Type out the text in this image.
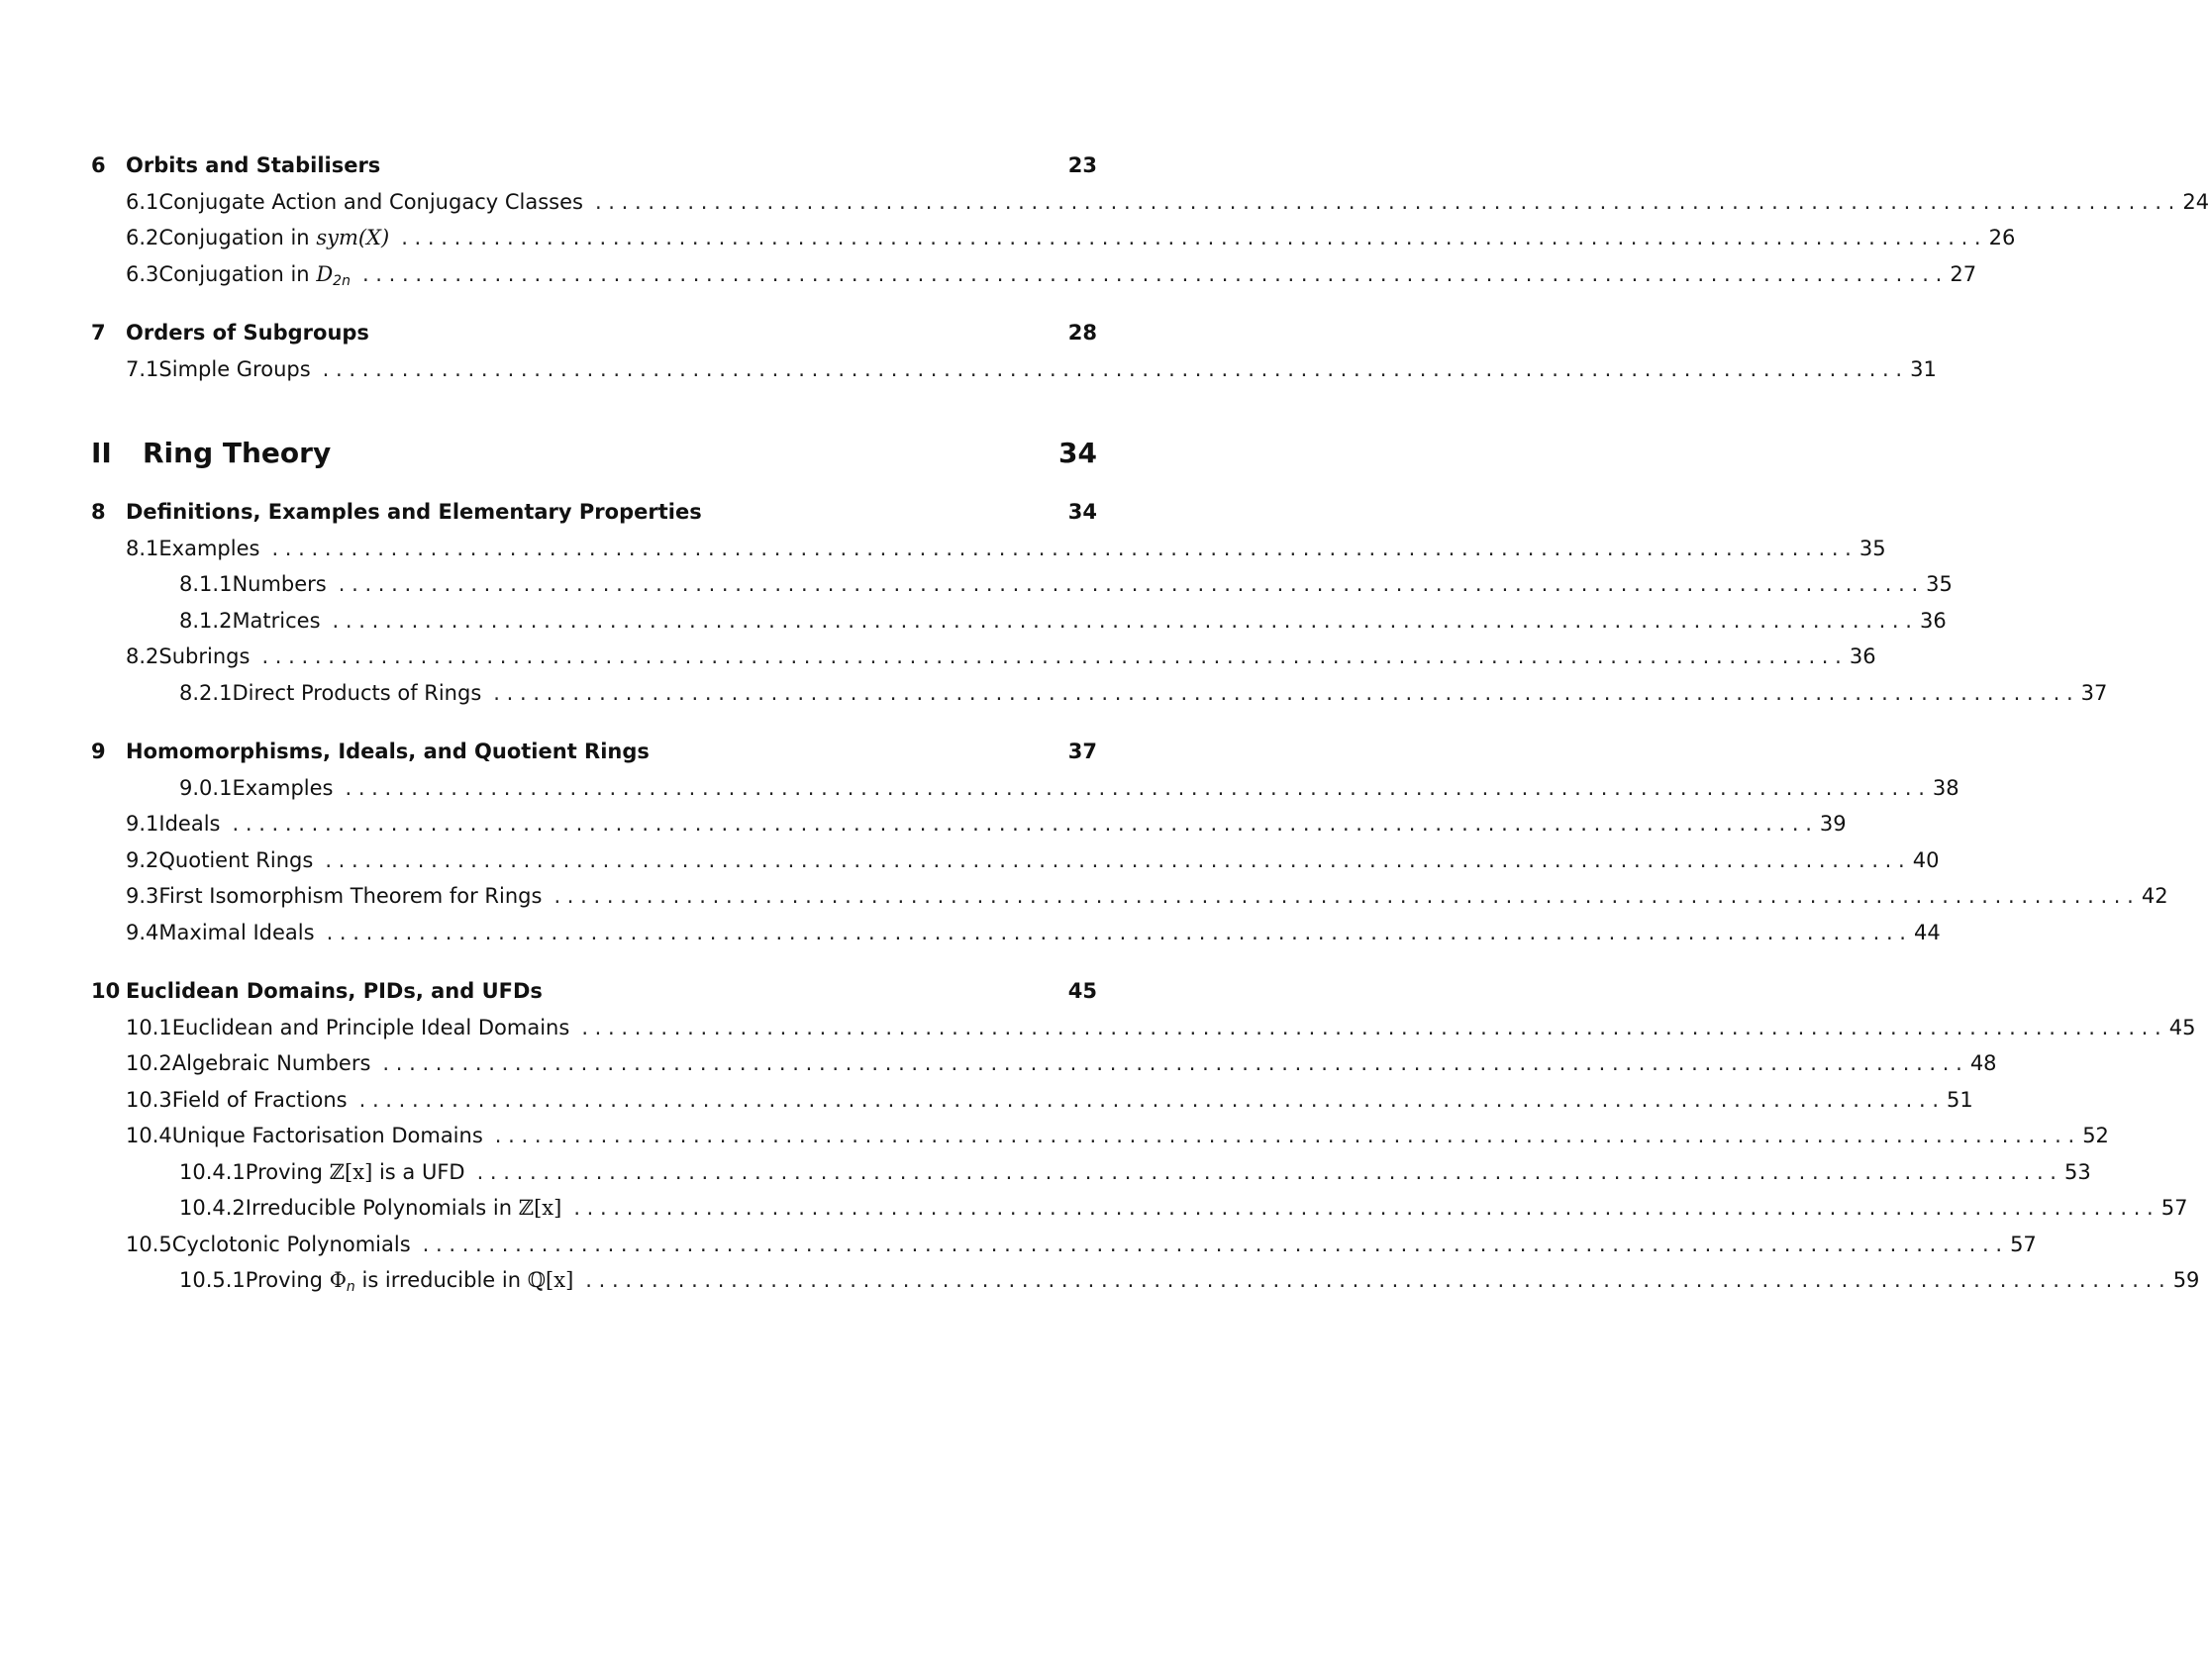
6 Orbits and Stabilisers	23
6.1 Conjugate Action and Conjugacy Classes . . . . . . . . . . . . . . . . . . . . . . . . . . . . . . . . . . . . . . . . . . . . . . . . . . . . . . . . . . . . . . . . . . . . . . . . . . . . . . . . . . . . . . . . . . . . . . . . . . . . . . . . . . . . . . . . . . . . . . . . 24
6.2 Conjugation in sym(X) . . . . . . . . . . . . . . . . . . . . . . . . . . . . . . . . . . . . . . . . . . . . . . . . . . . . . . . . . . . . . . . . . . . . . . . . . . . . . . . . . . . . . . . . . . . . . . . . . . . . . . . . . . . . . . . . . . . . . . . . 26
6.3 Conjugation in $D_{2n}$ . . . . . . . . . . . . . . . . . . . . . . . . . . . . . . . . . . . . . . . . . . . . . . . . . . . . . . . . . . . . . . . . . . . . . . . . . . . . . . . . . . . . . . . . . . . . . . . . . . . . . . . . . . . . . . . . . . . . . . . . 27
7 Orders of Subgroups	28
7.1 Simple Groups . . . . . . . . . . . . . . . . . . . . . . . . . . . . . . . . . . . . . . . . . . . . . . . . . . . . . . . . . . . . . . . . . . . . . . . . . . . . . . . . . . . . . . . . . . . . . . . . . . . . . . . . . . . . . . . . . . . . . . . . 31
II	Ring Theory	34
8 Definitions, Examples and Elementary Properties	34
8.1 Examples . . . . . . . . . . . . . . . . . . . . . . . . . . . . . . . . . . . . . . . . . . . . . . . . . . . . . . . . . . . . . . . . . . . . . . . . . . . . . . . . . . . . . . . . . . . . . . . . . . . . . . . . . . . . . . . . . . . . . . . . 35
8.1.1 Numbers . . . . . . . . . . . . . . . . . . . . . . . . . . . . . . . . . . . . . . . . . . . . . . . . . . . . . . . . . . . . . . . . . . . . . . . . . . . . . . . . . . . . . . . . . . . . . . . . . . . . . . . . . . . . . . . . . . . . . . . . 35
8.1.2 Matrices . . . . . . . . . . . . . . . . . . . . . . . . . . . . . . . . . . . . . . . . . . . . . . . . . . . . . . . . . . . . . . . . . . . . . . . . . . . . . . . . . . . . . . . . . . . . . . . . . . . . . . . . . . . . . . . . . . . . . . . . 36
8.2 Subrings . . . . . . . . . . . . . . . . . . . . . . . . . . . . . . . . . . . . . . . . . . . . . . . . . . . . . . . . . . . . . . . . . . . . . . . . . . . . . . . . . . . . . . . . . . . . . . . . . . . . . . . . . . . . . . . . . . . . . . . . 36
8.2.1 Direct Products of Rings . . . . . . . . . . . . . . . . . . . . . . . . . . . . . . . . . . . . . . . . . . . . . . . . . . . . . . . . . . . . . . . . . . . . . . . . . . . . . . . . . . . . . . . . . . . . . . . . . . . . . . . . . . . . . . . . . . . . . . . . 37
9 Homomorphisms, Ideals, and Quotient Rings	37
9.0.1 Examples . . . . . . . . . . . . . . . . . . . . . . . . . . . . . . . . . . . . . . . . . . . . . . . . . . . . . . . . . . . . . . . . . . . . . . . . . . . . . . . . . . . . . . . . . . . . . . . . . . . . . . . . . . . . . . . . . . . . . . . . 38
9.1 Ideals . . . . . . . . . . . . . . . . . . . . . . . . . . . . . . . . . . . . . . . . . . . . . . . . . . . . . . . . . . . . . . . . . . . . . . . . . . . . . . . . . . . . . . . . . . . . . . . . . . . . . . . . . . . . . . . . . . . . . . . . 39
9.2 Quotient Rings . . . . . . . . . . . . . . . . . . . . . . . . . . . . . . . . . . . . . . . . . . . . . . . . . . . . . . . . . . . . . . . . . . . . . . . . . . . . . . . . . . . . . . . . . . . . . . . . . . . . . . . . . . . . . . . . . . . . . . . . 40
9.3 First Isomorphism Theorem for Rings . . . . . . . . . . . . . . . . . . . . . . . . . . . . . . . . . . . . . . . . . . . . . . . . . . . . . . . . . . . . . . . . . . . . . . . . . . . . . . . . . . . . . . . . . . . . . . . . . . . . . . . . . . . . . . . . . . . . . . . . 42
9.4 Maximal Ideals . . . . . . . . . . . . . . . . . . . . . . . . . . . . . . . . . . . . . . . . . . . . . . . . . . . . . . . . . . . . . . . . . . . . . . . . . . . . . . . . . . . . . . . . . . . . . . . . . . . . . . . . . . . . . . . . . . . . . . . . 44
10 Euclidean Domains, PIDs, and UFDs	45
10.1 Euclidean and Principle Ideal Domains . . . . . . . . . . . . . . . . . . . . . . . . . . . . . . . . . . . . . . . . . . . . . . . . . . . . . . . . . . . . . . . . . . . . . . . . . . . . . . . . . . . . . . . . . . . . . . . . . . . . . . . . . . . . . . . . . . . . . . . . 45
10.2 Algebraic Numbers . . . . . . . . . . . . . . . . . . . . . . . . . . . . . . . . . . . . . . . . . . . . . . . . . . . . . . . . . . . . . . . . . . . . . . . . . . . . . . . . . . . . . . . . . . . . . . . . . . . . . . . . . . . . . . . . . . . . . . . . 48
10.3 Field of Fractions . . . . . . . . . . . . . . . . . . . . . . . . . . . . . . . . . . . . . . . . . . . . . . . . . . . . . . . . . . . . . . . . . . . . . . . . . . . . . . . . . . . . . . . . . . . . . . . . . . . . . . . . . . . . . . . . . . . . . . . . 51
10.4 Unique Factorisation Domains . . . . . . . . . . . . . . . . . . . . . . . . . . . . . . . . . . . . . . . . . . . . . . . . . . . . . . . . . . . . . . . . . . . . . . . . . . . . . . . . . . . . . . . . . . . . . . . . . . . . . . . . . . . . . . . . . . . . . . . . 52
10.4.1 Proving ℤ[x] is a UFD . . . . . . . . . . . . . . . . . . . . . . . . . . . . . . . . . . . . . . . . . . . . . . . . . . . . . . . . . . . . . . . . . . . . . . . . . . . . . . . . . . . . . . . . . . . . . . . . . . . . . . . . . . . . . . . . . . . . . . . . 53
10.4.2 Irreducible Polynomials in ℤ[x] . . . . . . . . . . . . . . . . . . . . . . . . . . . . . . . . . . . . . . . . . . . . . . . . . . . . . . . . . . . . . . . . . . . . . . . . . . . . . . . . . . . . . . . . . . . . . . . . . . . . . . . . . . . . . . . . . . . . . . . . 57
10.5 Cyclotonic Polynomials . . . . . . . . . . . . . . . . . . . . . . . . . . . . . . . . . . . . . . . . . . . . . . . . . . . . . . . . . . . . . . . . . . . . . . . . . . . . . . . . . . . . . . . . . . . . . . . . . . . . . . . . . . . . . . . . . . . . . . . . 57
10.5.1 Proving $\Phi_n$ is irreducible in ℚ[x] . . . . . . . . . . . . . . . . . . . . . . . . . . . . . . . . . . . . . . . . . . . . . . . . . . . . . . . . . . . . . . . . . . . . . . . . . . . . . . . . . . . . . . . . . . . . . . . . . . . . . . . . . . . . . . . . . . . . . . . . 59
